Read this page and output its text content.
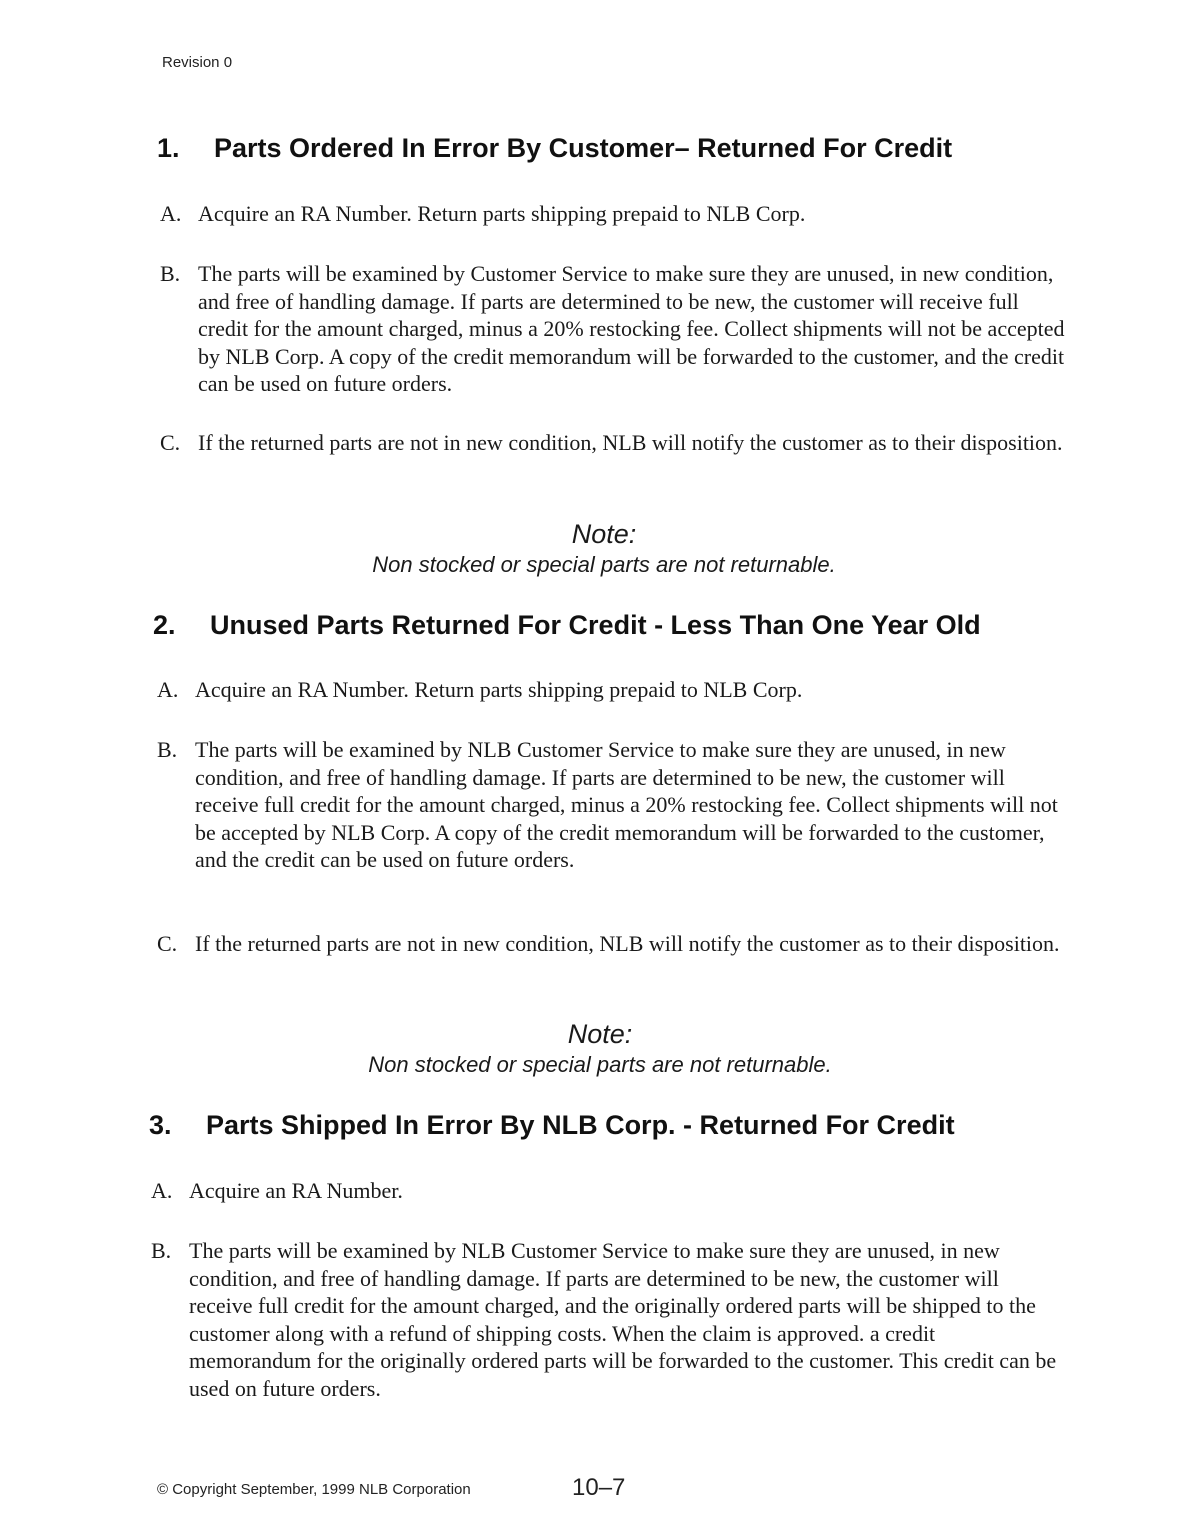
Revision 0
1. Parts Ordered In Error By Customer– Returned For Credit
A. Acquire an RA Number. Return parts shipping prepaid to NLB Corp.
B. The parts will be examined by Customer Service to make sure they are unused, in new condition, and free of handling damage. If parts are determined to be new, the customer will receive full credit for the amount charged, minus a 20% restocking fee. Collect shipments will not be accepted by NLB Corp. A copy of the credit memorandum will be forwarded to the customer, and the credit can be used on future orders.
C. If the returned parts are not in new condition, NLB will notify the customer as to their disposition.
Note:
Non stocked or special parts are not returnable.
2. Unused Parts Returned For Credit - Less Than One Year Old
A. Acquire an RA Number. Return parts shipping prepaid to NLB Corp.
B. The parts will be examined by NLB Customer Service to make sure they are unused, in new condition, and free of handling damage. If parts are determined to be new, the customer will receive full credit for the amount charged, minus a 20% restocking fee. Collect shipments will not be accepted by NLB Corp. A copy of the credit memorandum will be forwarded to the customer, and the credit can be used on future orders.
C. If the returned parts are not in new condition, NLB will notify the customer as to their disposition.
Note:
Non stocked or special parts are not returnable.
3. Parts Shipped In Error By NLB Corp. - Returned For Credit
A. Acquire an RA Number.
B. The parts will be examined by NLB Customer Service to make sure they are unused, in new condition, and free of handling damage. If parts are determined to be new, the customer will receive full credit for the amount charged, and the originally ordered parts will be shipped to the customer along with a refund of shipping costs. When the claim is approved. a credit memorandum for the originally ordered parts will be forwarded to the customer. This credit can be used on future orders.
© Copyright September, 1999 NLB Corporation	10–7
